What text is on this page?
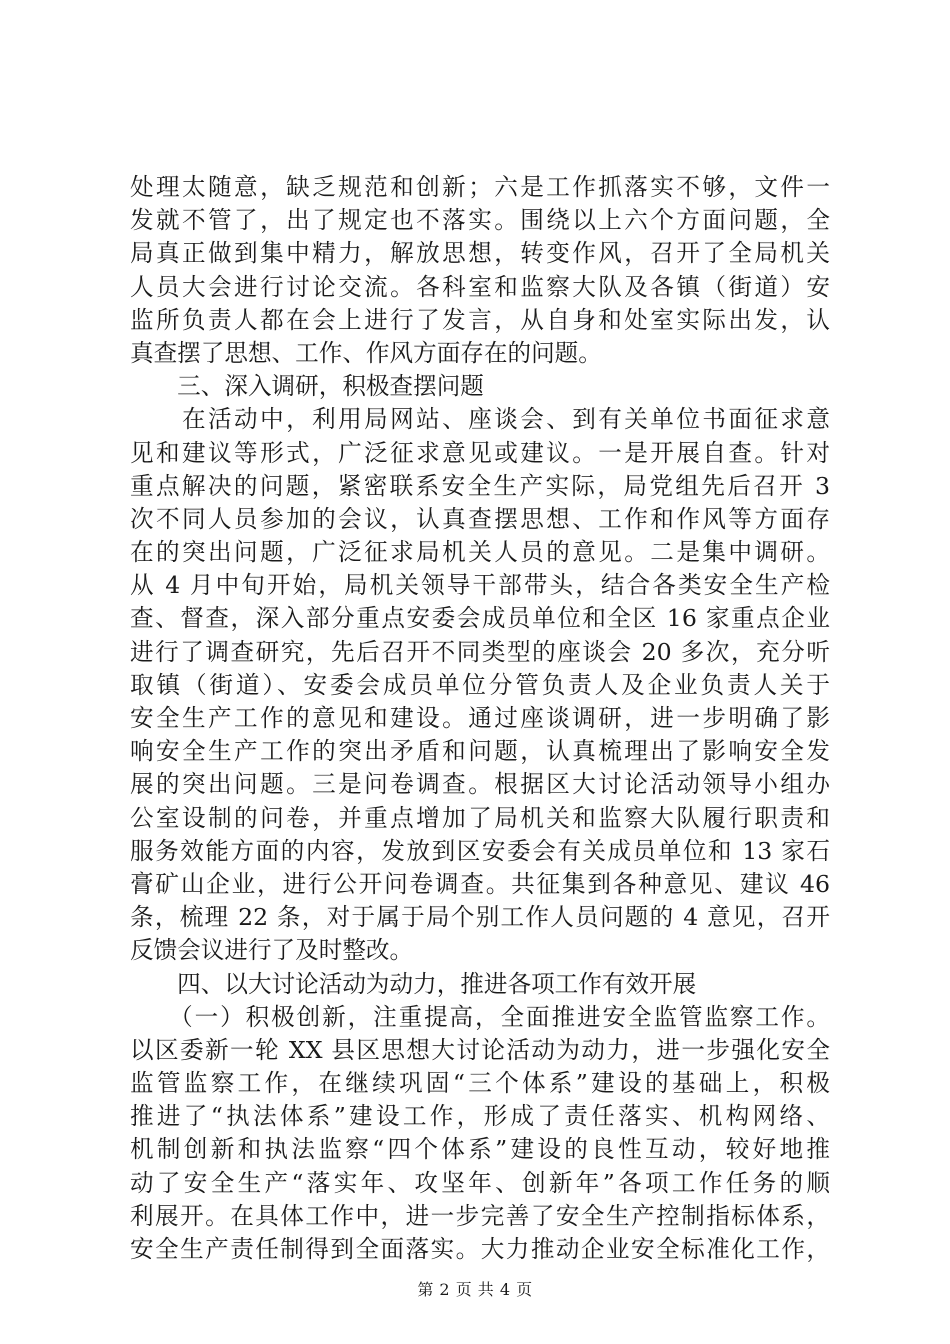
处理太随意，缺乏规范和创新；六是工作抓落实不够，文件一
发就不管了，出了规定也不落实。围绕以上六个方面问题，全
局真正做到集中精力，解放思想，转变作风，召开了全局机关
人员大会进行讨论交流。各科室和监察大队及各镇（街道）安
监所负责人都在会上进行了发言，从自身和处室实际出发，认
真查摆了思想、工作、作风方面存在的问题。
　　三、深入调研，积极查摆问题
　　在活动中，利用局网站、座谈会、到有关单位书面征求意
见和建议等形式，广泛征求意见或建议。一是开展自查。针对
重点解决的问题，紧密联系安全生产实际，局党组先后召开 3
次不同人员参加的会议，认真查摆思想、工作和作风等方面存
在的突出问题，广泛征求局机关人员的意见。二是集中调研。
从 4 月中旬开始，局机关领导干部带头，结合各类安全生产检
查、督查，深入部分重点安委会成员单位和全区 16 家重点企业
进行了调查研究，先后召开不同类型的座谈会 20 多次，充分听
取镇（街道）、安委会成员单位分管负责人及企业负责人关于
安全生产工作的意见和建设。通过座谈调研，进一步明确了影
响安全生产工作的突出矛盾和问题，认真梳理出了影响安全发
展的突出问题。三是问卷调查。根据区大讨论活动领导小组办
公室设制的问卷，并重点增加了局机关和监察大队履行职责和
服务效能方面的内容，发放到区安委会有关成员单位和 13 家石
膏矿山企业，进行公开问卷调查。共征集到各种意见、建议 46
条，梳理 22 条，对于属于局个别工作人员问题的 4 意见，召开
反馈会议进行了及时整改。
　　四、以大讨论活动为动力，推进各项工作有效开展
　　（一）积极创新，注重提高，全面推进安全监管监察工作。
以区委新一轮 XX 县区思想大讨论活动为动力，进一步强化安全
监管监察工作，在继续巩固“三个体系”建设的基础上，积极
推进了“执法体系”建设工作，形成了责任落实、机构网络、
机制创新和执法监察“四个体系”建设的良性互动，较好地推
动了安全生产“落实年、攻坚年、创新年”各项工作任务的顺
利展开。在具体工作中，进一步完善了安全生产控制指标体系，
安全生产责任制得到全面落实。大力推动企业安全标准化工作，
第 2 页 共 4 页
